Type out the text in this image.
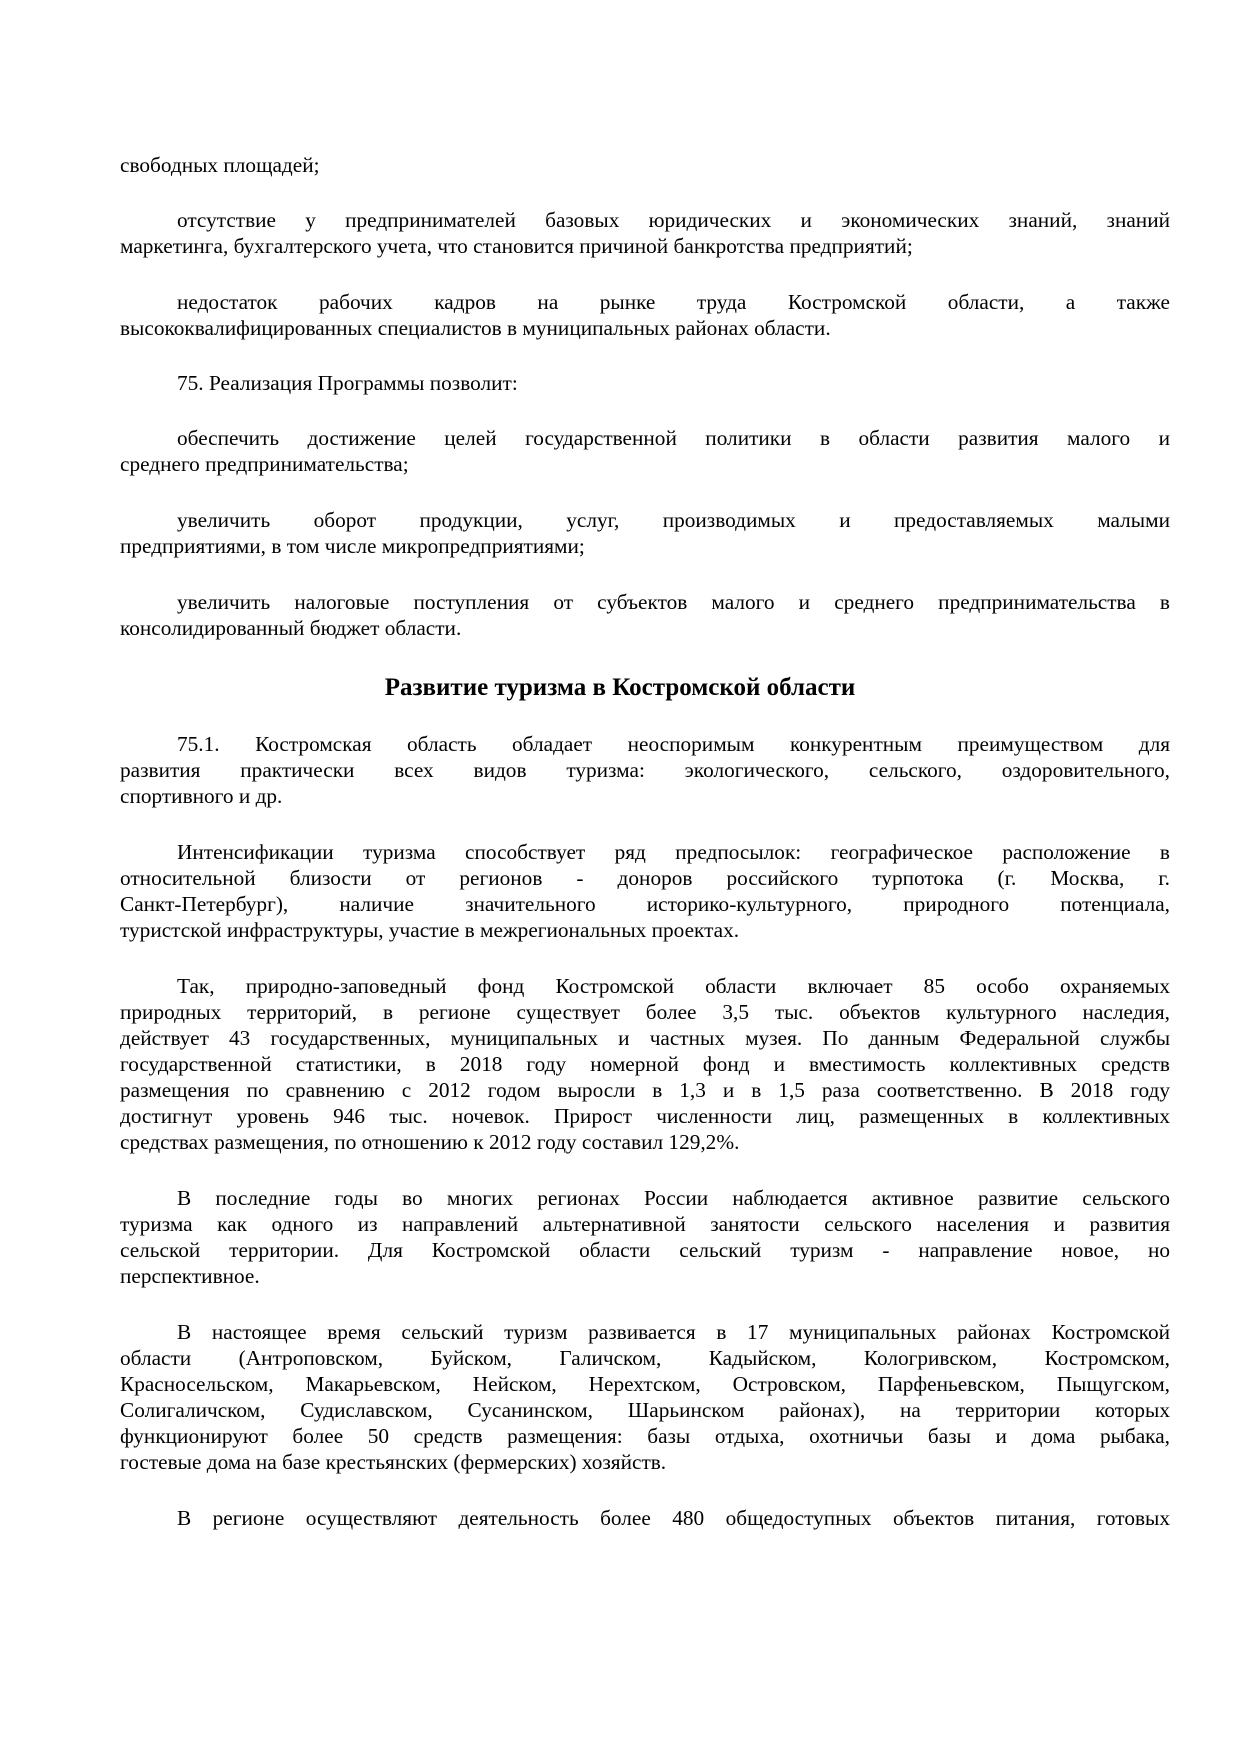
свободных площадей;
отсутствие у предпринимателей базовых юридических и экономических знаний, знаний
маркетинга, бухгалтерского учета, что становится причиной банкротства предприятий;
недостаток рабочих кадров на рынке труда Костромской области, а также
высококвалифицированных специалистов в муниципальных районах области.
75. Реализация Программы позволит:
обеспечить достижение целей государственной политики в области развития малого и
среднего предпринимательства;
увеличить оборот продукции, услуг, производимых и предоставляемых малыми
предприятиями, в том числе микропредприятиями;
увеличить налоговые поступления от субъектов малого и среднего предпринимательства в
консолидированный бюджет области.
Развитие туризма в Костромской области
75.1. Костромская область обладает неоспоримым конкурентным преимуществом для
развития практически всех видов туризма: экологического, сельского, оздоровительного,
спортивного и др.
Интенсификации туризма способствует ряд предпосылок: географическое расположение в
относительной близости от регионов - доноров российского турпотока (г. Москва, г.
Санкт-Петербург), наличие значительного историко-культурного, природного потенциала,
туристской инфраструктуры, участие в межрегиональных проектах.
Так, природно-заповедный фонд Костромской области включает 85 особо охраняемых
природных территорий, в регионе существует более 3,5 тыс. объектов культурного наследия,
действует 43 государственных, муниципальных и частных музея. По данным Федеральной службы
государственной статистики, в 2018 году номерной фонд и вместимость коллективных средств
размещения по сравнению с 2012 годом выросли в 1,3 и в 1,5 раза соответственно. В 2018 году
достигнут уровень 946 тыс. ночевок. Прирост численности лиц, размещенных в коллективных
средствах размещения, по отношению к 2012 году составил 129,2%.
В последние годы во многих регионах России наблюдается активное развитие сельского
туризма как одного из направлений альтернативной занятости сельского населения и развития
сельской территории. Для Костромской области сельский туризм - направление новое, но
перспективное.
В настоящее время сельский туризм развивается в 17 муниципальных районах Костромской
области (Антроповском, Буйском, Галичском, Кадыйском, Кологривском, Костромском,
Красносельском, Макарьевском, Нейском, Нерехтском, Островском, Парфеньевском, Пыщугском,
Солигаличском, Судиславском, Сусанинском, Шарьинском районах), на территории которых
функционируют более 50 средств размещения: базы отдыха, охотничьи базы и дома рыбака,
гостевые дома на базе крестьянских (фермерских) хозяйств.
В регионе осуществляют деятельность более 480 общедоступных объектов питания, готовых
